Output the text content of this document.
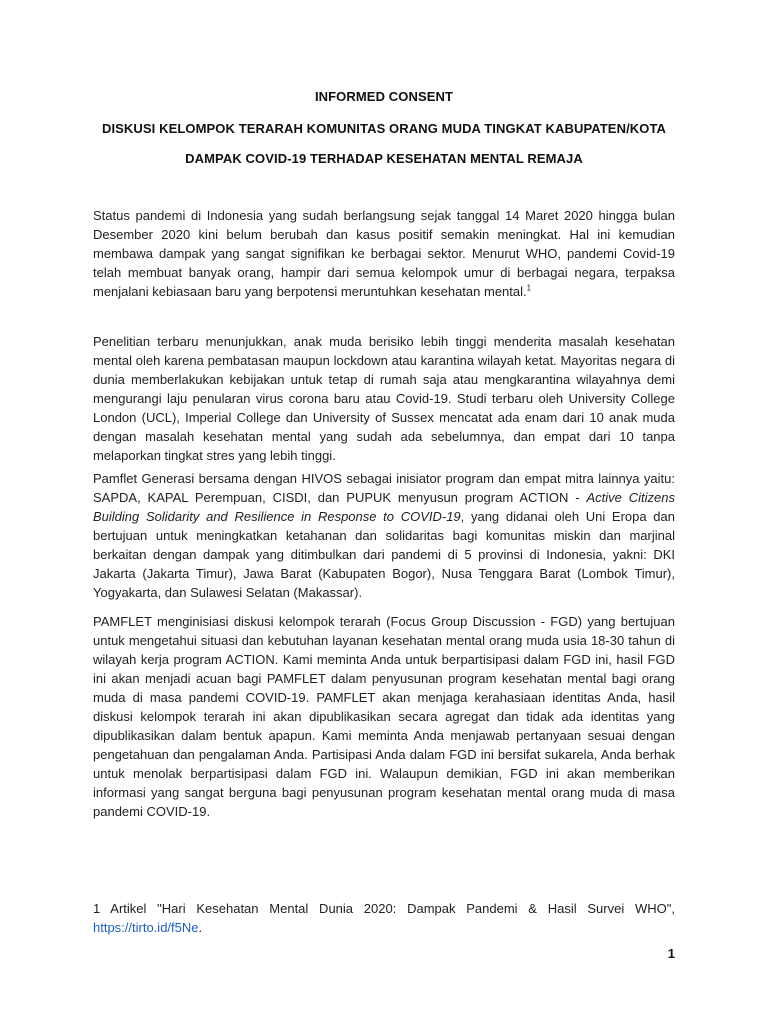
INFORMED CONSENT
DISKUSI KELOMPOK TERARAH KOMUNITAS ORANG MUDA TINGKAT KABUPATEN/KOTA
DAMPAK COVID-19 TERHADAP KESEHATAN MENTAL REMAJA
Status pandemi di Indonesia yang sudah berlangsung sejak tanggal 14 Maret 2020 hingga bulan Desember 2020 kini belum berubah dan kasus positif semakin meningkat. Hal ini kemudian membawa dampak yang sangat signifikan ke berbagai sektor. Menurut WHO, pandemi Covid-19 telah membuat banyak orang, hampir dari semua kelompok umur di berbagai negara, terpaksa menjalani kebiasaan baru yang berpotensi meruntuhkan kesehatan mental.$^1$
Penelitian terbaru menunjukkan, anak muda berisiko lebih tinggi menderita masalah kesehatan mental oleh karena pembatasan maupun lockdown atau karantina wilayah ketat. Mayoritas negara di dunia memberlakukan kebijakan untuk tetap di rumah saja atau mengkarantina wilayahnya demi mengurangi laju penularan virus corona baru atau Covid-19. Studi terbaru oleh University College London (UCL), Imperial College dan University of Sussex mencatat ada enam dari 10 anak muda dengan masalah kesehatan mental yang sudah ada sebelumnya, dan empat dari 10 tanpa melaporkan tingkat stres yang lebih tinggi.
Pamflet Generasi bersama dengan HIVOS sebagai inisiator program dan empat mitra lainnya yaitu: SAPDA, KAPAL Perempuan, CISDI, dan PUPUK menyusun program ACTION - Active Citizens Building Solidarity and Resilience in Response to COVID-19, yang didanai oleh Uni Eropa dan bertujuan untuk meningkatkan ketahanan dan solidaritas bagi komunitas miskin dan marjinal berkaitan dengan dampak yang ditimbulkan dari pandemi di 5 provinsi di Indonesia, yakni: DKI Jakarta (Jakarta Timur), Jawa Barat (Kabupaten Bogor), Nusa Tenggara Barat (Lombok Timur), Yogyakarta, dan Sulawesi Selatan (Makassar).
PAMFLET menginisiasi diskusi kelompok terarah (Focus Group Discussion - FGD) yang bertujuan untuk mengetahui situasi dan kebutuhan layanan kesehatan mental orang muda usia 18-30 tahun di wilayah kerja program ACTION. Kami meminta Anda untuk berpartisipasi dalam FGD ini, hasil FGD ini akan menjadi acuan bagi PAMFLET dalam penyusunan program kesehatan mental bagi orang muda di masa pandemi COVID-19. PAMFLET akan menjaga kerahasiaan identitas Anda, hasil diskusi kelompok terarah ini akan dipublikasikan secara agregat dan tidak ada identitas yang dipublikasikan dalam bentuk apapun. Kami meminta Anda menjawab pertanyaan sesuai dengan pengetahuan dan pengalaman Anda. Partisipasi Anda dalam FGD ini bersifat sukarela, Anda berhak untuk menolak berpartisipasi dalam FGD ini. Walaupun demikian, FGD ini akan memberikan informasi yang sangat berguna bagi penyusunan program kesehatan mental orang muda di masa pandemi COVID-19.
1 Artikel "Hari Kesehatan Mental Dunia 2020: Dampak Pandemi & Hasil Survei WHO", https://tirto.id/f5Ne.
1
